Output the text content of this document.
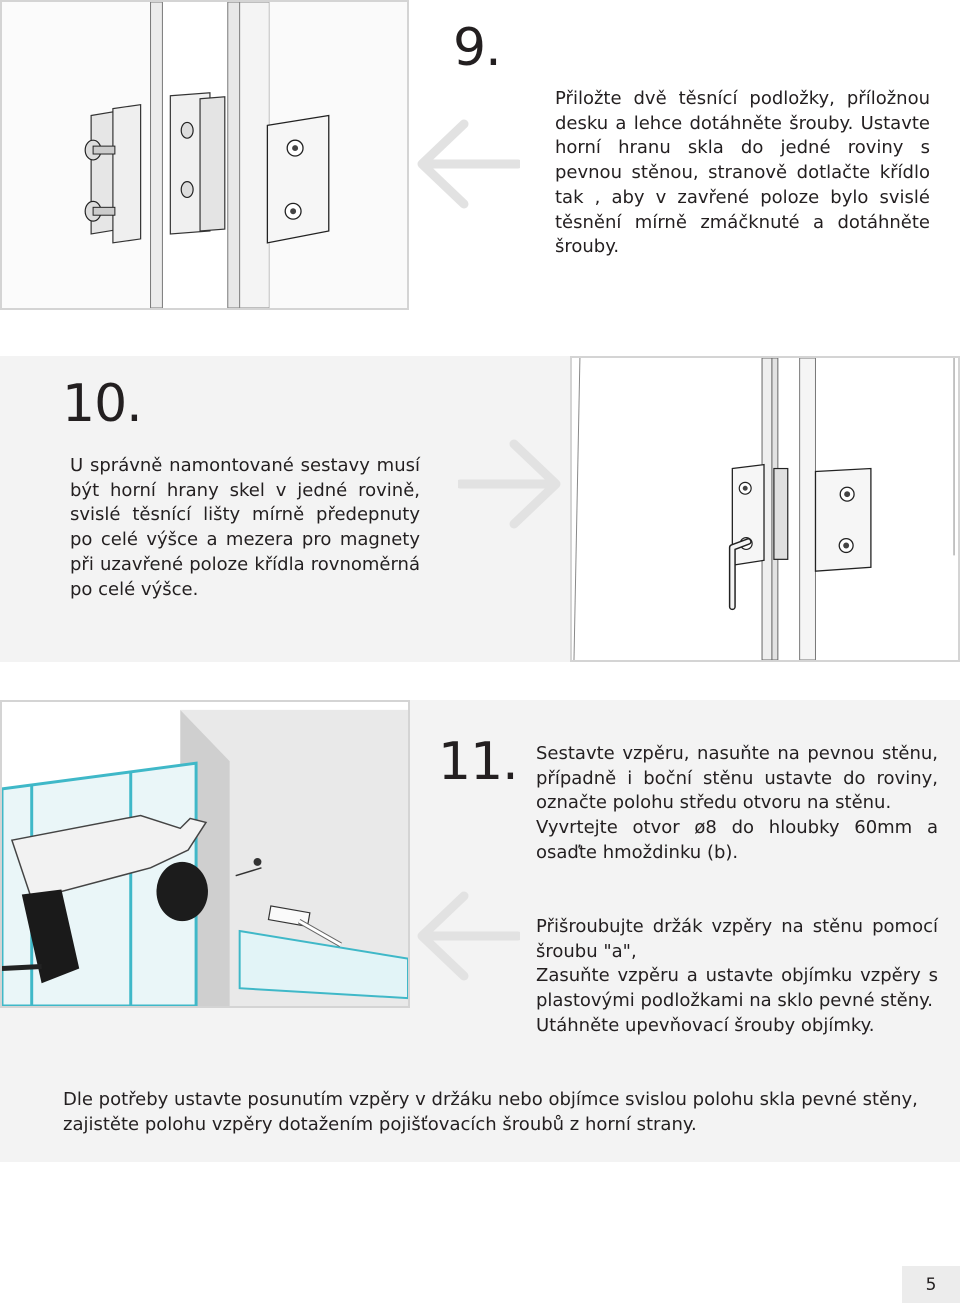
9.

Přiložte dvě těsnící podložky, příložnou desku a lehce dotáhněte šrouby. Ustavte horní hranu skla do jedné roviny s pevnou stěnou, stranově dotlačte křídlo tak , aby v zavřené poloze bylo svislé těsnění mírně zmáčknuté a dotáhněte šrouby.

10.

U správně namontované sestavy musí být horní hrany skel v jedné rovině, svislé těsnící lišty mírně předepnuty po celé výšce a mezera pro magnety při uzavřené poloze křídla rovnoměrná po celé výšce.

11. Sestavte vzpěru, nasuňte na pevnou stěnu, případně i boční stěnu ustavte do roviny, označte polohu středu otvoru na stěnu.

Vyvrtejte otvor ø8 do hloubky 60mm a osaďte hmoždinku (b).

Přišroubujte držák vzpěry na stěnu pomocí šroubu "a",

Zasuňte vzpěru a ustavte objímku vzpěry s plastovými podložkami na sklo pevné stěny.

Utáhněte upevňovací šrouby objímky.

Dle potřeby ustavte posunutím vzpěry v držáku nebo objímce svislou polohu skla pevné stěny, zajistěte polohu vzpěry dotažením pojišťovacích šroubů z horní strany.

5
